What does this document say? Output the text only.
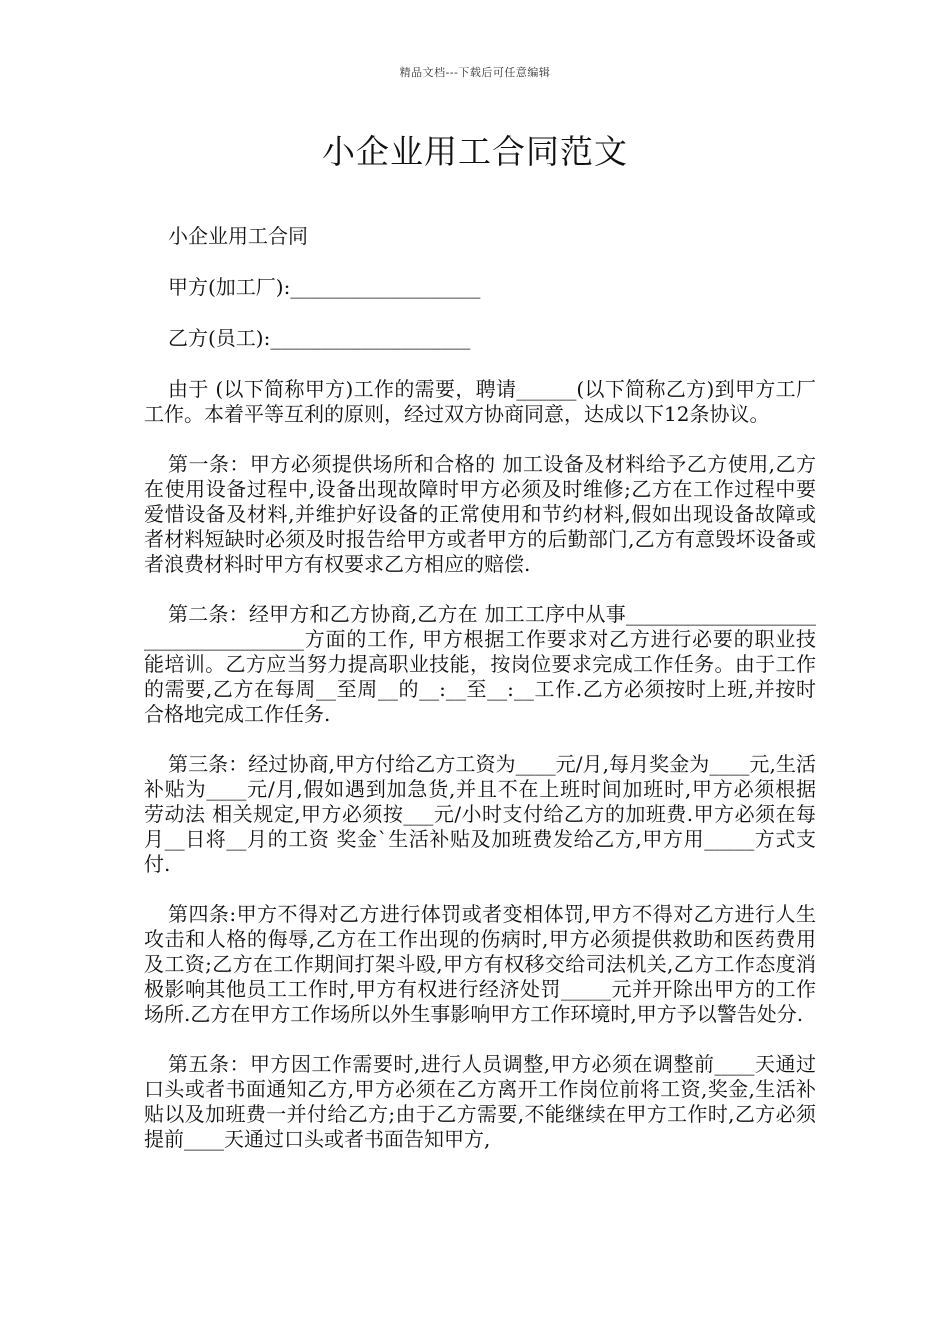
精品文档---下载后可任意编辑
小企业用工合同范文

小企业用工合同

甲方(加工厂):___________________

乙方(员工):____________________

由于 (以下简称甲方)工作的需要，聘请______(以下简称乙方)到甲方工厂工作。本着平等互利的原则，经过双方协商同意，达成以下12条协议。

第一条：甲方必须提供场所和合格的 加工设备及材料给予乙方使用,乙方在使用设备过程中,设备出现故障时甲方必须及时维修;乙方在工作过程中要爱惜设备及材料,并维护好设备的正常使用和节约材料,假如出现设备故障或者材料短缺时必须及时报告给甲方或者甲方的后勤部门,乙方有意毁坏设备或者浪费材料时甲方有权要求乙方相应的赔偿.

第二条：经甲方和乙方协商,乙方在 加工工序中从事___________________________________方面的工作, 甲方根据工作要求对乙方进行必要的职业技能培训。乙方应当努力提高职业技能，按岗位要求完成工作任务。由于工作的需要,乙方在每周__至周__的__:__至__:__工作.乙方必须按时上班,并按时合格地完成工作任务.

第三条：经过协商,甲方付给乙方工资为____元/月,每月奖金为____元,生活补贴为____元/月,假如遇到加急货,并且不在上班时间加班时,甲方必须根据 劳动法 相关规定,甲方必须按___元/小时支付给乙方的加班费.甲方必须在每月__日将__月的工资 奖金`生活补贴及加班费发给乙方,甲方用_____方式支付.

第四条:甲方不得对乙方进行体罚或者变相体罚,甲方不得对乙方进行人生攻击和人格的侮辱,乙方在工作出现的伤病时,甲方必须提供救助和医药费用及工资;乙方在工作期间打架斗殴,甲方有权移交给司法机关,乙方工作态度消极影响其他员工工作时,甲方有权进行经济处罚_____元并开除出甲方的工作场所.乙方在甲方工作场所以外生事影响甲方工作环境时,甲方予以警告处分.

第五条：甲方因工作需要时,进行人员调整,甲方必须在调整前____天通过口头或者书面通知乙方,甲方必须在乙方离开工作岗位前将工资,奖金,生活补贴以及加班费一并付给乙方;由于乙方需要,不能继续在甲方工作时,乙方必须提前____天通过口头或者书面告知甲方,
